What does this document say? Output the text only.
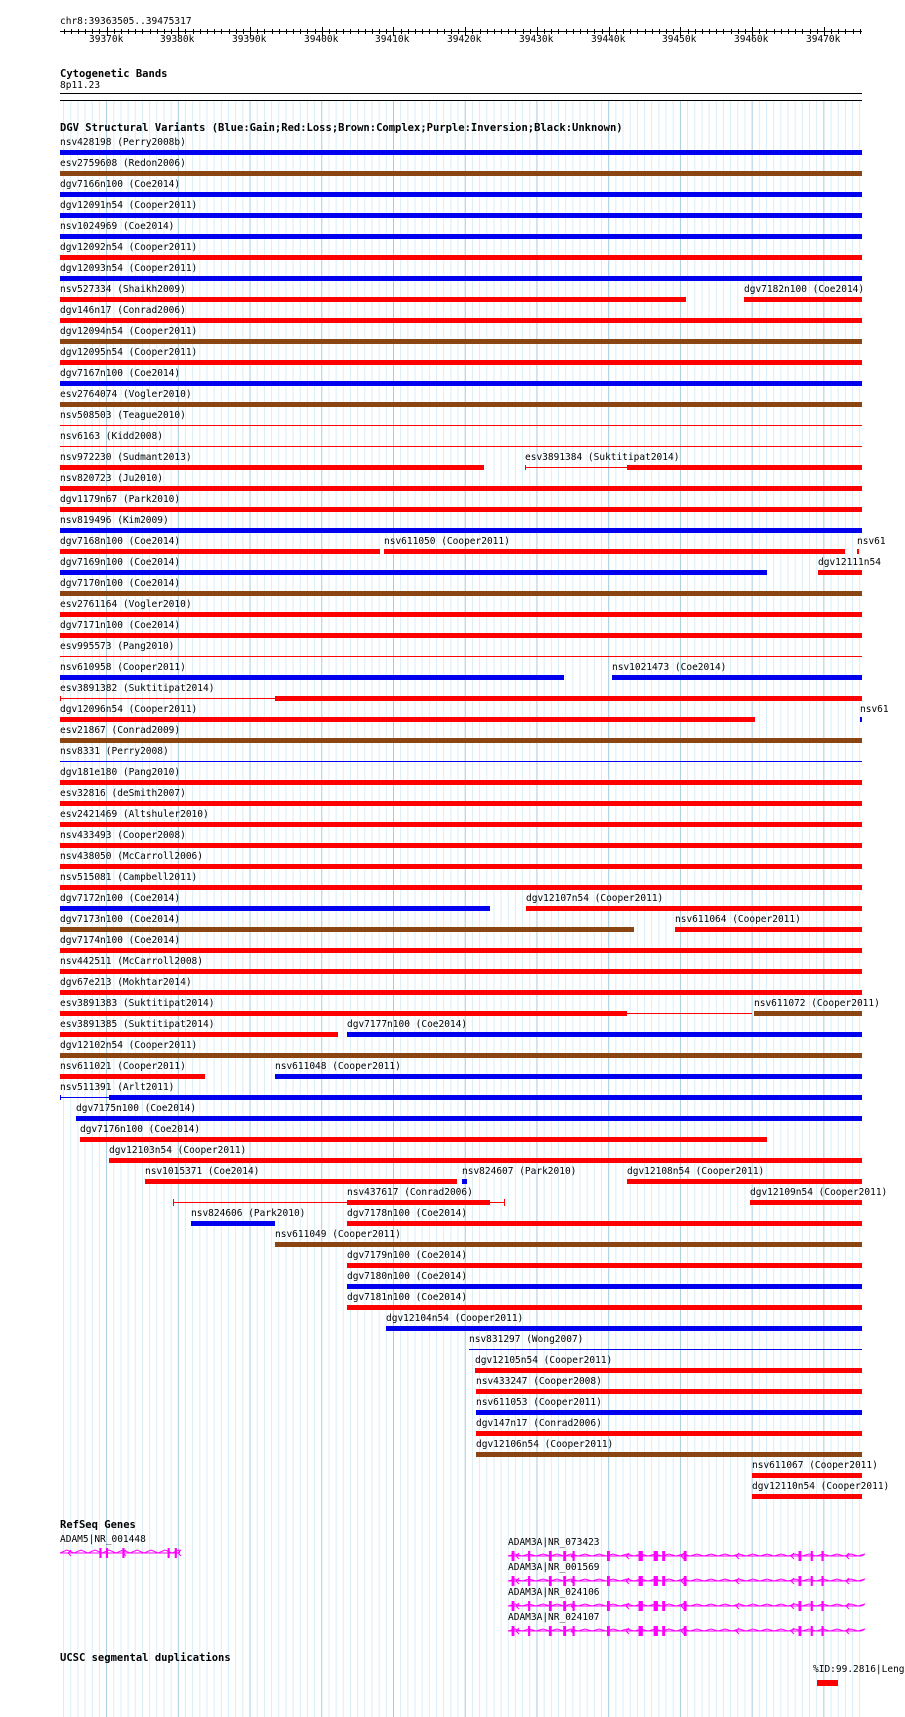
chr8:39363505..39475317
39370k	39380k	39390k	39400k	39410k	39420k	39430k	39440k	39450k	39460k	39470k
Cytogenetic Bands
8p11.23
DGV Structural Variants (Blue:Gain;Red:Loss;Brown:Complex;Purple:Inversion;Black:Unknown)
nsv428198 (Perry2008b)
esv2759608 (Redon2006)
dgv7166n100 (Coe2014)
dgv12091n54 (Cooper2011)
nsv1024969 (Coe2014)
dgv12092n54 (Cooper2011)
dgv12093n54 (Cooper2011)
nsv527334 (Shaikh2009)	dgv7182n100 (Coe2014)
dgv146n17 (Conrad2006)
dgv12094n54 (Cooper2011)
dgv12095n54 (Cooper2011)
dgv7167n100 (Coe2014)
esv2764074 (Vogler2010)
nsv508503 (Teague2010)
nsv6163 (Kidd2008)
nsv972230 (Sudmant2013)	esv3891384 (Suktitipat2014)
nsv820723 (Ju2010)
dgv1179n67 (Park2010)
nsv819496 (Kim2009)
dgv7168n100 (Coe2014)	nsv611050 (Cooper2011)	nsv61
dgv7169n100 (Coe2014)	dgv12111n54
dgv7170n100 (Coe2014)
esv2761164 (Vogler2010)
dgv7171n100 (Coe2014)
esv995573 (Pang2010)
nsv610958 (Cooper2011)	nsv1021473 (Coe2014)
esv3891382 (Suktitipat2014)
dgv12096n54 (Cooper2011)	nsv61
esv21867 (Conrad2009)
nsv8331 (Perry2008)
dgv181e180 (Pang2010)
esv32816 (deSmith2007)
esv2421469 (Altshuler2010)
nsv433493 (Cooper2008)
nsv438050 (McCarroll2006)
nsv515081 (Campbell2011)
dgv7172n100 (Coe2014)	dgv12107n54 (Cooper2011)
dgv7173n100 (Coe2014)	nsv611064 (Cooper2011)
dgv7174n100 (Coe2014)
nsv442511 (McCarroll2008)
dgv67e213 (Mokhtar2014)
esv3891383 (Suktitipat2014)	nsv611072 (Cooper2011)
esv3891385 (Suktitipat2014)	dgv7177n100 (Coe2014)
dgv12102n54 (Cooper2011)
nsv611021 (Cooper2011)	nsv611048 (Cooper2011)
nsv511391 (Arlt2011)
dgv7175n100 (Coe2014)
dgv7176n100 (Coe2014)
dgv12103n54 (Cooper2011)
nsv1015371 (Coe2014)	nsv824607 (Park2010)	dgv12108n54 (Cooper2011)
nsv437617 (Conrad2006)	dgv12109n54 (Cooper2011)
nsv824606 (Park2010)	dgv7178n100 (Coe2014)
nsv611049 (Cooper2011)
dgv7179n100 (Coe2014)
dgv7180n100 (Coe2014)
dgv7181n100 (Coe2014)
dgv12104n54 (Cooper2011)
nsv831297 (Wong2007)
dgv12105n54 (Cooper2011)
nsv433247 (Cooper2008)
nsv611053 (Cooper2011)
dgv147n17 (Conrad2006)
dgv12106n54 (Cooper2011)
nsv611067 (Cooper2011)
dgv12110n54 (Cooper2011)
RefSeq Genes
ADAM5|NR_001448	ADAM3A|NR_073423
ADAM3A|NR_001569
ADAM3A|NR_024106
ADAM3A|NR_024107
UCSC segmental duplications
%ID:99.2816|Leng
